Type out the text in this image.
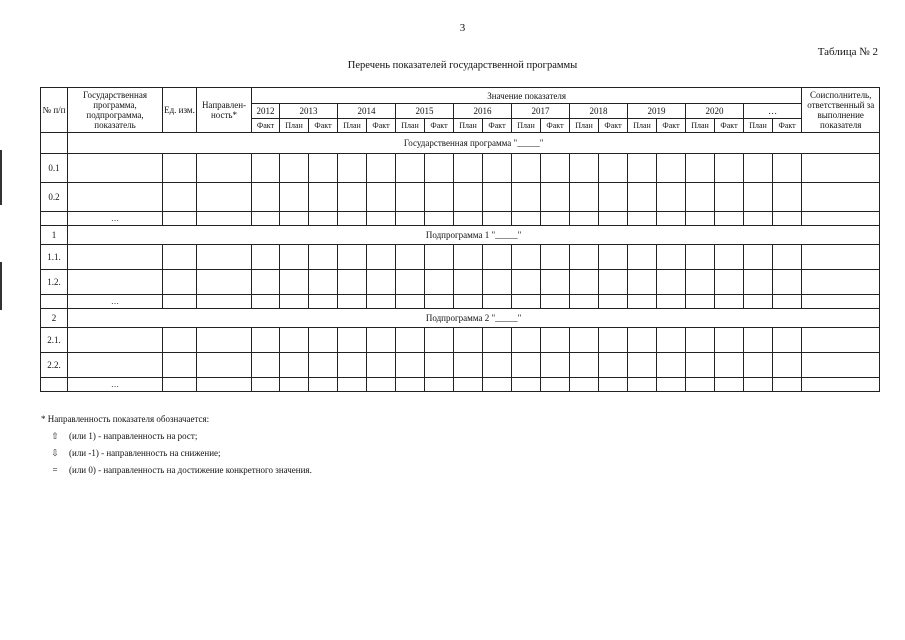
3
Таблица № 2
Перечень показателей государственной программы
№ п/п	Государственная программа, подпрограмма, показатель	Ед. изм.	Направлен-ность*	Значение показателя																			Соисполнитель, ответственный за выполнение показателя
				2012	2013		2014		2015		2016		2017		2018		2019		2020		…		
				Факт	План	Факт	План	Факт	План	Факт	План	Факт	План	Факт	План	Факт	План	Факт	План	Факт	План	Факт	
	Государственная программа "_____"																						
0.1																							
0.2																							
	…																						
1	Подпрограмма 1 "_____"																						
1.1.																							
1.2.																							
	…																						
2	Подпрограмма 2 "_____"																						
2.1.																							
2.2.																							
	…																						
* Направленность показателя обозначается:
⇧ (или 1) - направленность на рост;
⇩ (или -1) - направленность на снижение;
=	(или 0) - направленность на достижение конкретного значения.
